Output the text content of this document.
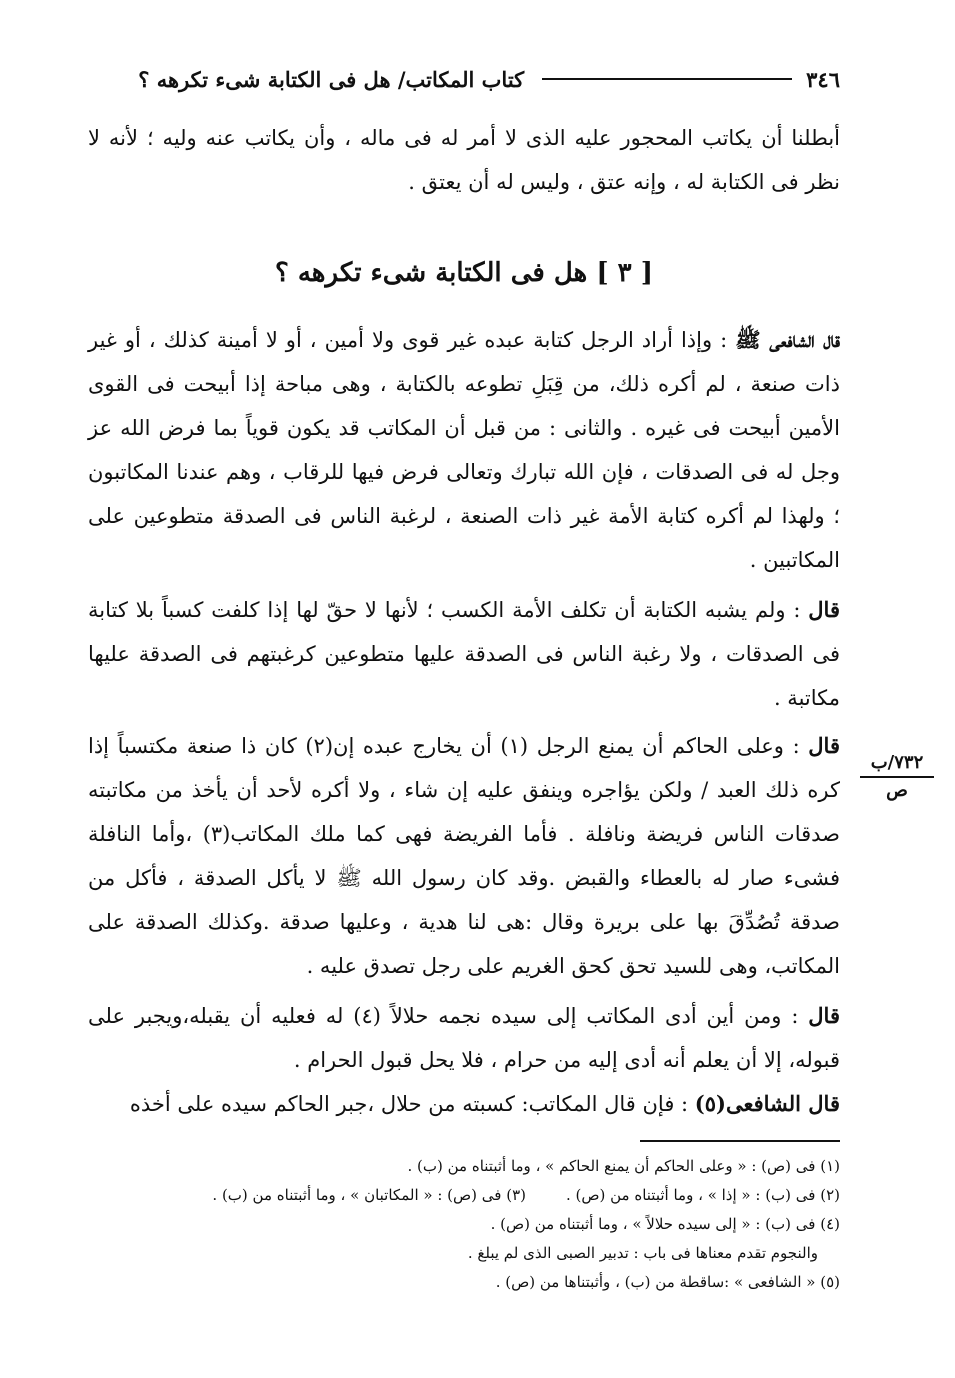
٣٤٦
كتاب المكاتب/ هل فى الكتابة شىء تكرهه ؟
أبطلنا أن يكاتب المحجور عليه الذى لا أمر له فى ماله ، وأن يكاتب عنه وليه ؛ لأنه لا نظر فى الكتابة له ، وإنه عتق ، وليس له أن يعتق .
[ ٣ ] هل فى الكتابة شىء تكرهه ؟
قال الشافعى ﷺ : وإذا أراد الرجل كتابة عبده غير قوى ولا أمين ، أو لا أمينة كذلك ، أو غير ذات صنعة ، لم أكره ذلك، من قِبَلِ تطوعه بالكتابة ، وهى مباحة إذا أبيحت فى القوى الأمين أبيحت فى غيره . والثانى : من قبل أن المكاتب قد يكون قوياً بما فرض الله عز وجل له فى الصدقات ، فإن الله تبارك وتعالى فرض فيها للرقاب ، وهم عندنا المكاتبون ؛ ولهذا لم أكره كتابة الأمة غير ذات الصنعة ، لرغبة الناس فى الصدقة متطوعين على المكاتبين .
قال : ولم يشبه الكتابة أن تكلف الأمة الكسب ؛ لأنها لا حقّ لها إذا كلفت كسباً بلا كتابة فى الصدقات ، ولا رغبة الناس فى الصدقة عليها متطوعين كرغبتهم فى الصدقة عليها مكاتبة .
قال : وعلى الحاكم أن يمنع الرجل (١) أن يخارج عبده إن(٢) كان ذا صنعة مكتسباً إذا كره ذلك العبد / ولكن يؤاجره وينفق عليه إن شاء ، ولا أكره لأحد أن يأخذ من مكاتبته صدقات الناس فريضة ونافلة . فأما الفريضة فهى كما ملك المكاتب(٣) ،وأما النافلة فشىء صار له بالعطاء والقبض .وقد كان رسول الله ﷺ لا يأكل الصدقة ، فأكل من صدقة تُصُدِّقَ بها على بريرة وقال :هى لنا هدية ، وعليها صدقة .وكذلك الصدقة على المكاتب، وهى للسيد تحق كحق الغريم على رجل تصدق عليه .
قال : ومن أين أدى المكاتب إلى سيده نجمه حلالاً (٤) له فعليه أن يقبله،ويجبر على قبوله، إلا أن يعلم أنه أدى إليه من حرام ، فلا يحل قبول الحرام .
قال الشافعى(٥) : فإن قال المكاتب: كسبته من حلال ،جبر الحاكم سيده على أخذه
٧٣٢/ب
ص
(١) فى (ص) : « وعلى الحاكم أن يمنع الحاكم » ، وما أثبتناه من (ب) .
(٢) فى (ب) : « إذا » ، وما أثبتناه من (ص) .(٣) فى (ص) : « المكاتبان » ، وما أثبتناه من (ب) .
(٤) فى (ب) : « إلى سيده حلالاً » ، وما أثبتناه من (ص) .
والنجوم تقدم معناها فى باب : تدبير الصبى الذى لم يبلغ .
(٥) « الشافعى » :ساقطة من (ب) ، وأثبتناها من (ص) .
